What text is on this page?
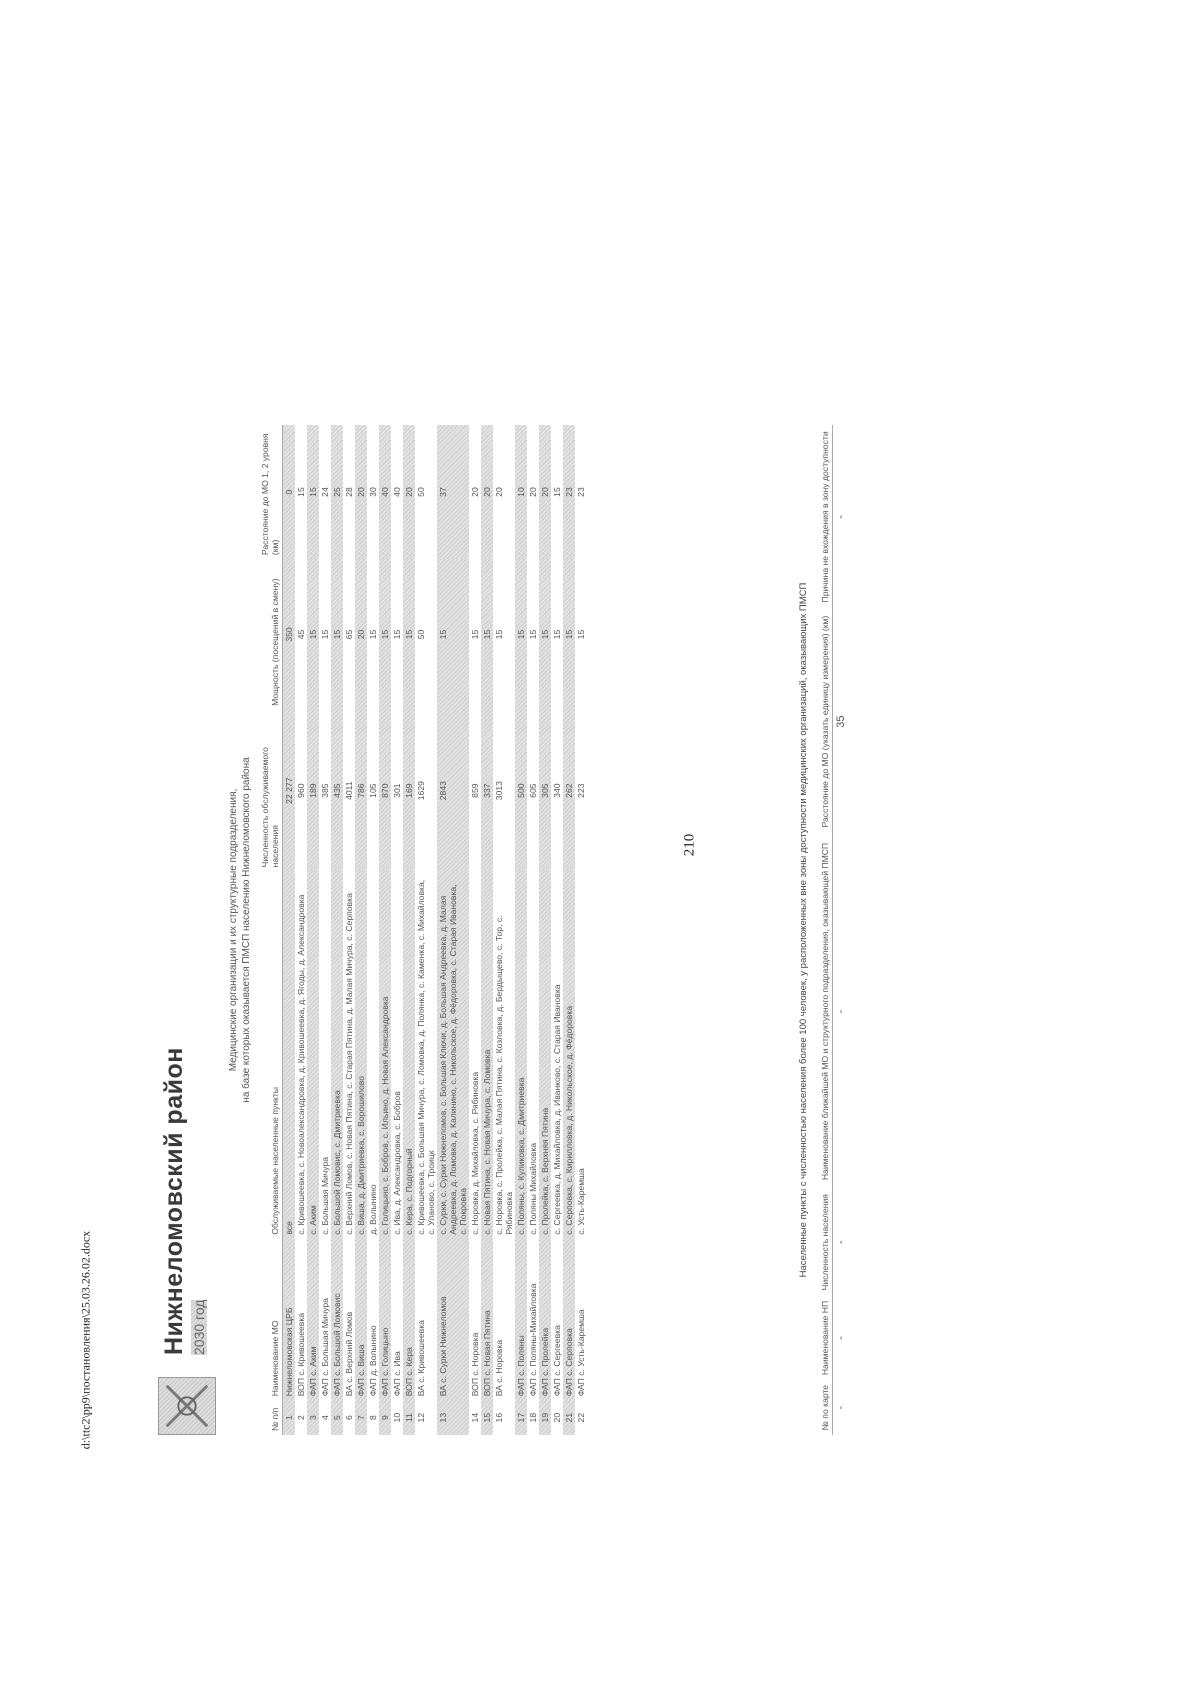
210
d:\ttc2\pp9\постановления\25.03.26.02.docx	Нижнеломовский район 2030 год
Медицинские организации и их структурные подразделения, на базе которых оказывается ПМСП населению Нижнеломовского района
№ п/п	Наименование МО	Обслуживаемые населенные пункты	Численность обслуживаемого населения	Мощность (посещений в смену)	Расстояние до МО 1, 2 уровня (км)
1	Нижнеломовская ЦРБ	все	22 277	350	0
2	ВОП с. Кривошеевка	с. Кривошеевка, с. Новоалександровка, д. Кривошеевка, д. Ягоды, д. Александровка	960	45	15
3	ФАП с. Аким	с. Аким	189	15	15
4	ФАП с. Большая Мичура	с. Большая Мичура	385	15	24
5	ФАП с. Большой Ломовис	с. Большой Ломовис, с. Дмитриевка	435	15	25
6	ВА с. Верхний Ломов	с. Верхний Ломов, с. Новая Пятина, с. Старая Пятина, д. Малая Мичура, с. Серповка	4011	65	28
7	ФАП с. Виша	с. Виша, д. Дмитриевка, с. Ворошилово	786	20	20
8	ФАП д. Волынино	д. Волынино	105	15	30
9	ФАП с. Голицыно	с. Голицыно, с. Бобров, с. Ильино, д. Новая Александровка	870	15	40
10	ФАП с. Ива	с. Ива, д. Александровка, с. Бобров	301	15	40
11	ВОП с. Кера	с. Кера, с. Подгорный	169	15	20
12	ВА с. Кривошеевка	с. Кривошеевка, с. Большая Мичура, с. Ломовка, д. Полянка, с. Каменка, с. Михайловка, с. Уланово, с. Троицк	1629	50	50
13	ВА с. Сурки Нижнеломов	с. Сурки, с. Сурки Нижнеломов, с. Большая Ключи, д. Большая Андреевка, д. Малая Андреевка, д. Ломовка, д. Калинино, с. Никольское, д. Фёдоровка, с. Старая Ивановка, с. Покровка	2843	15	37
14	ВОП с. Норовка	с. Норовка, д. Михайловка, с. Рябиновка	859	15	20
15	ВОП с. Новая Пятина	с. Новая Пятина, с. Новая Мичура, с. Ломовка	337	15	20
16	ВА с. Норовка	с. Норовка, с. Пролейка, с. Малая Пятина, с. Козловка, д. Бердыщево, с. Тор, с. Рябиновка	3013	15	20
17	ФАП с. Поляны	с. Поляны, с. Куликовка, с. Дмитриевка	500	15	10
18	ФАП с. Поляны-Михайловка	с. Поляны Михайловка	605	15	20
19	ФАП с. Пролейка	с. Пролейка, с. Верхняя Пятина	305	15	20
20	ФАП с. Сергеевка	с. Сергеевка, д. Михайловка, д. Иванково, с. Старая Ивановка	340	15	15
21	ФАП с. Серповка	с. Серповка, с. Кирилловка, д. Никольское, д. Фёдоровка	262	15	23
22	ФАП с. Усть-Каремша	с. Усть-Каремша	223	15	23
Населенные пункты с численностью населения более 100 человек, у расположенных вне зоны доступности медицинских организаций, оказывающих ПМСП
№ по карте	Наименование НП	Численность населения	Наименование ближайшей МО и структурного подразделения, оказывающей ПМСП	Расстояние до МО (указать единицу измерения) (км)	Причина не вхождения в зону доступности
-	-	-	-	35	-
